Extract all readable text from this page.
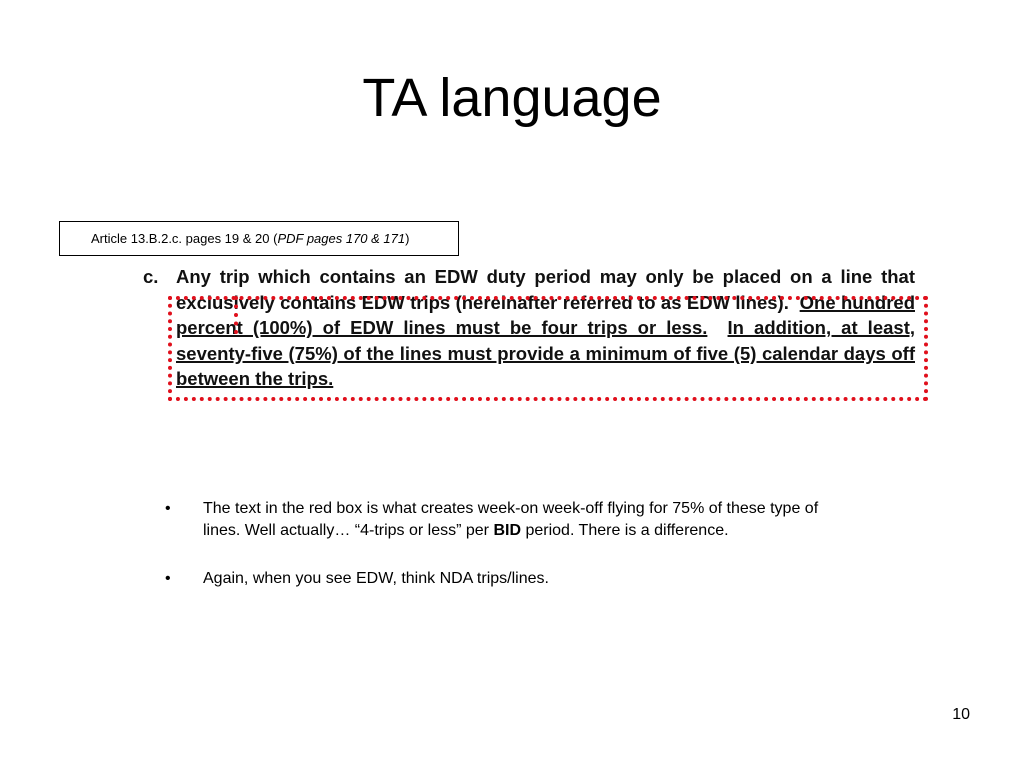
TA language
Article 13.B.2.c. pages 19 & 20 (PDF pages 170 & 171)
c. Any trip which contains an EDW duty period may only be placed on a line that exclusively contains EDW trips (hereinafter referred to as EDW lines). One hundred percent (100%) of EDW lines must be four trips or less. In addition, at least, seventy-five (75%) of the lines must provide a minimum of five (5) calendar days off between the trips.
• The text in the red box is what creates week-on week-off flying for 75% of these type of lines. Well actually… “4-trips or less” per BID period. There is a difference.
• Again, when you see EDW, think NDA trips/lines.
10
